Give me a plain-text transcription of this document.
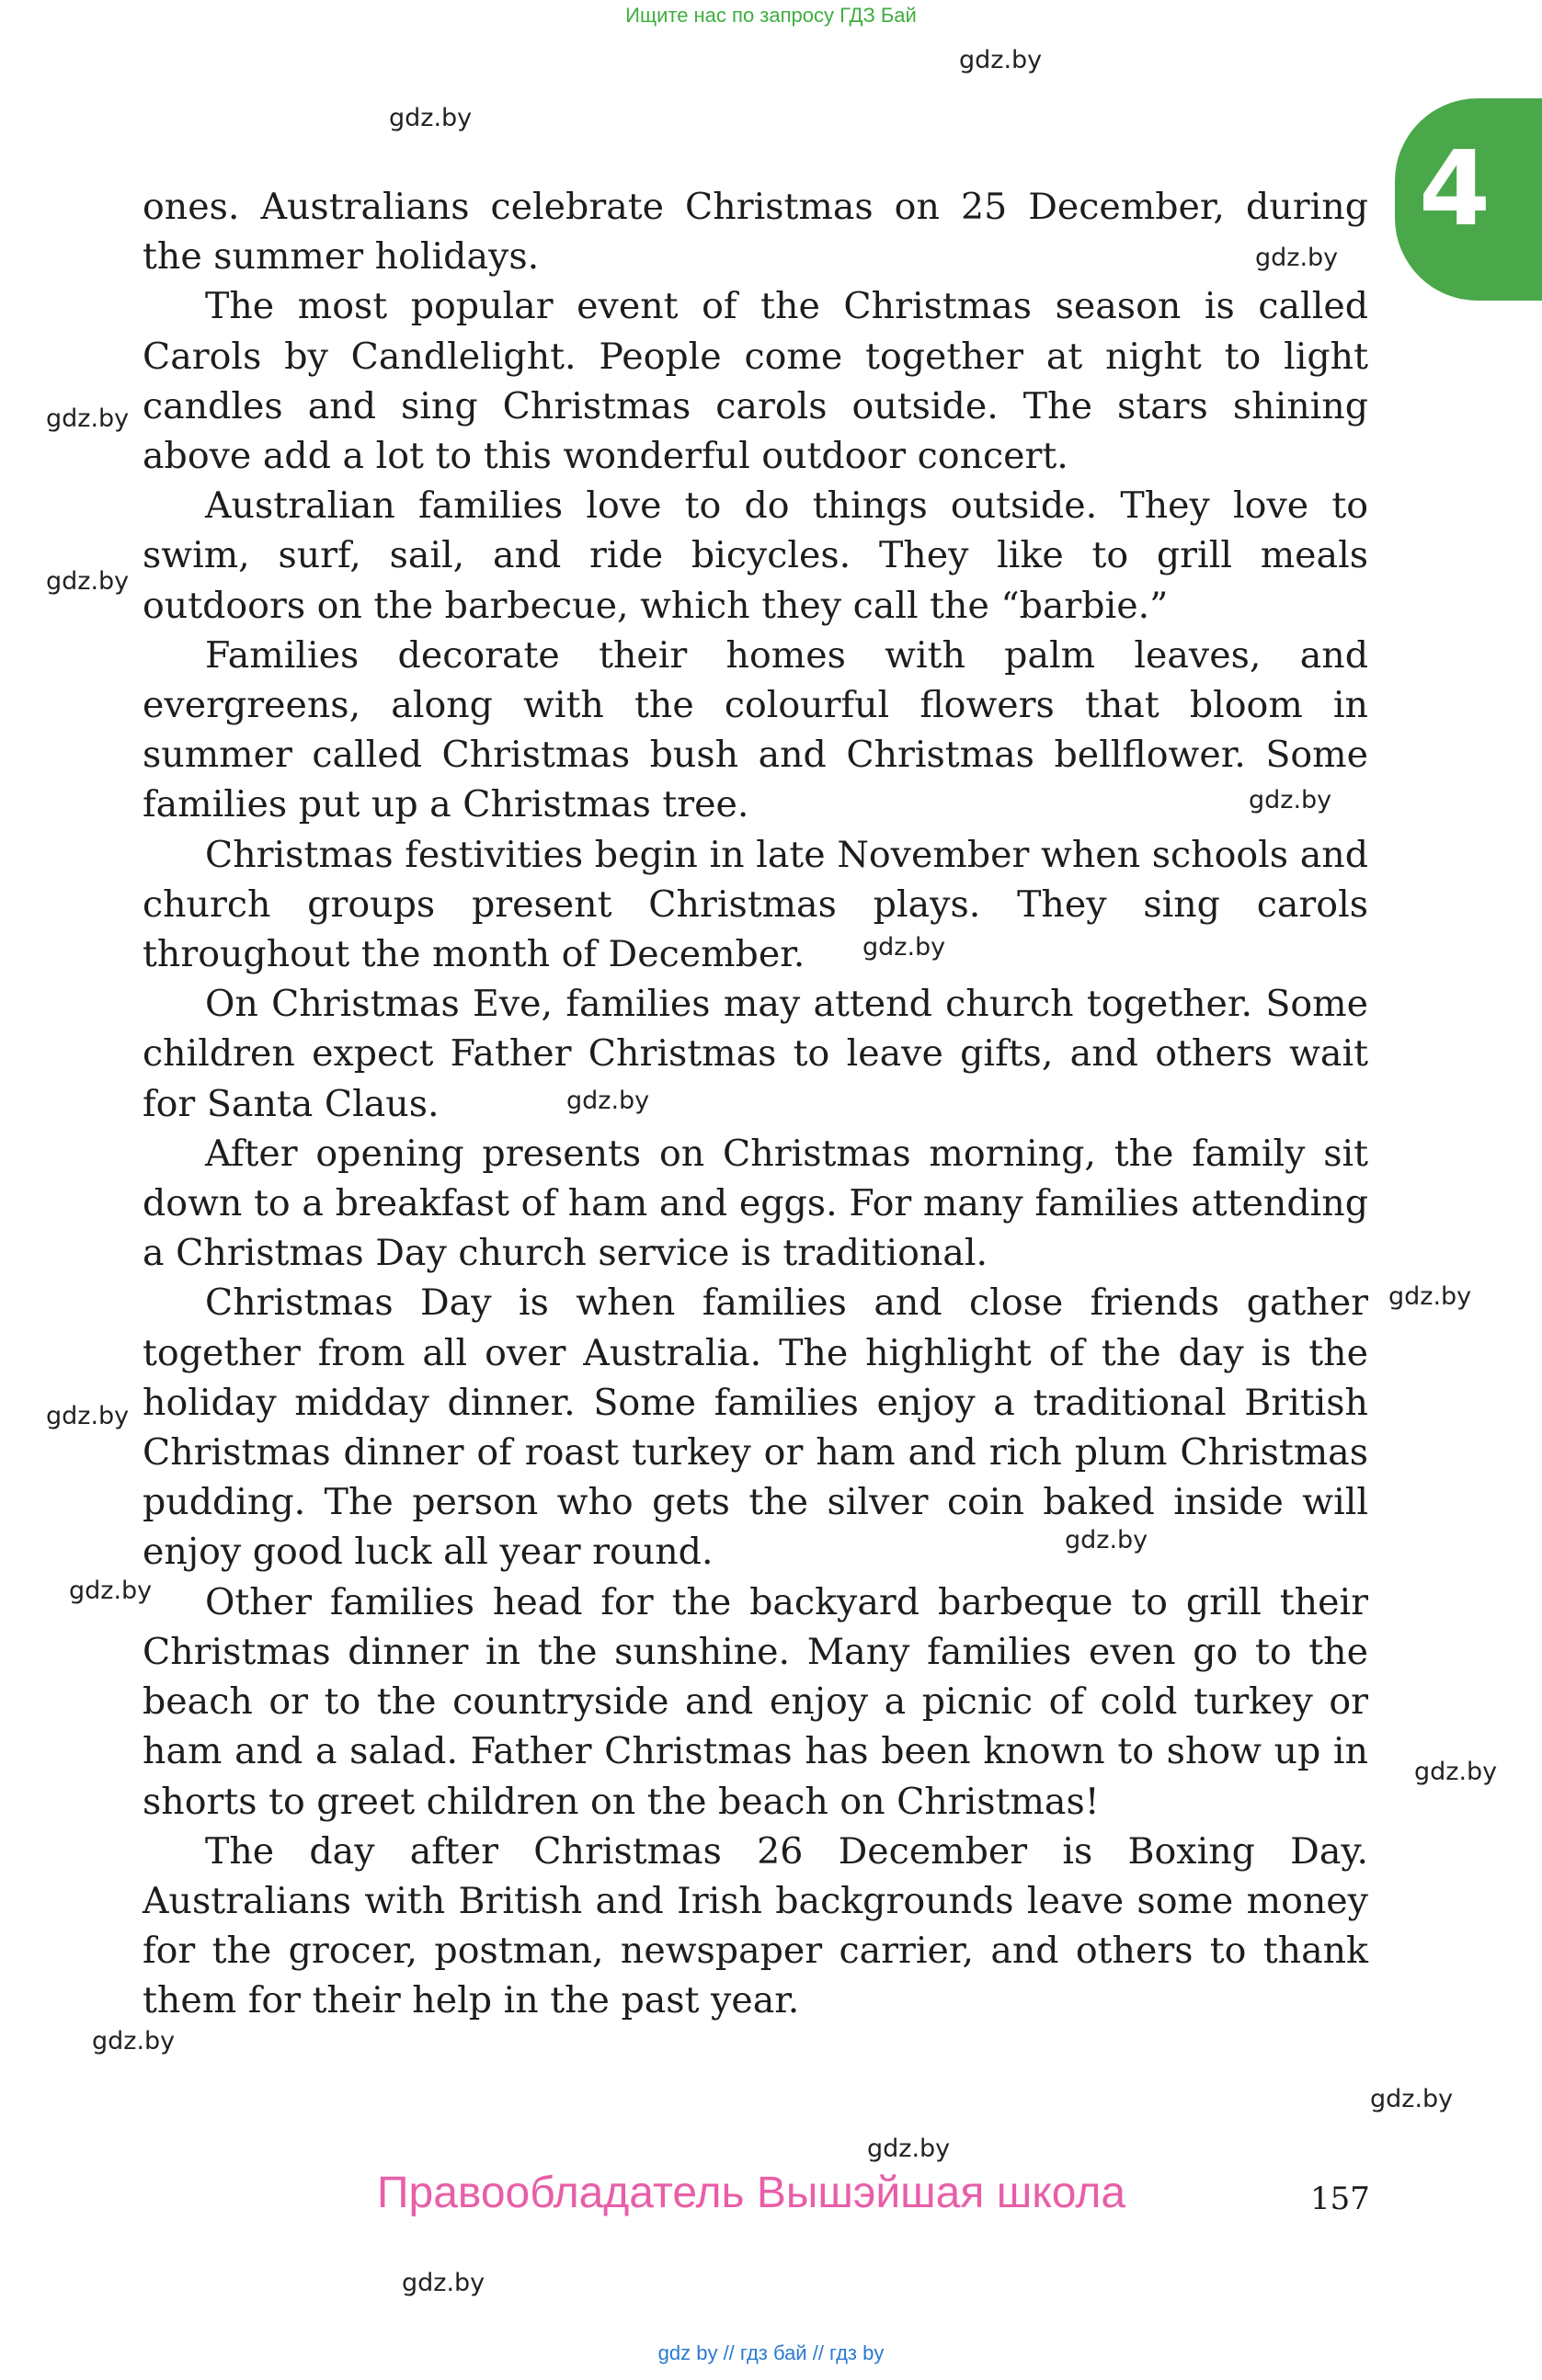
Ищите нас по запросу ГДЗ Бай
4
gdz.by
gdz.by
gdz.by
gdz.by
gdz.by
gdz.by
gdz.by
gdz.by
gdz.by
gdz.by
gdz.by
gdz.by
gdz.by
gdz.by
gdz.by
gdz.by
gdz.by

ones. Australians celebrate Christmas on 25 December, during the summer holidays.

The most popular event of the Christmas season is called Carols by Candlelight. People come together at night to light candles and sing Christmas carols outside. The stars shining above add a lot to this wonderful outdoor concert.

Australian families love to do things outside. They love to swim, surf, sail, and ride bicycles. They like to grill meals outdoors on the barbecue, which they call the “barbie.”

Families decorate their homes with palm leaves, and evergreens, along with the colourful flowers that bloom in summer called Christmas bush and Christmas bellflower. Some families put up a Christmas tree.

Christmas festivities begin in late November when schools and church groups present Christmas plays. They sing carols throughout the month of December.

On Christmas Eve, families may attend church together. Some children expect Father Christmas to leave gifts, and others wait for Santa Claus.

After opening presents on Christmas morning, the family sit down to a breakfast of ham and eggs. For many families attending a Christmas Day church service is traditional.

Christmas Day is when families and close friends gather together from all over Australia. The highlight of the day is the holiday midday dinner. Some families enjoy a traditional British Christmas dinner of roast turkey or ham and rich plum Christmas pudding. The person who gets the silver coin baked inside will enjoy good luck all year round.

Other families head for the backyard barbeque to grill their Christmas dinner in the sunshine. Many families even go to the beach or to the countryside and enjoy a picnic of cold turkey or ham and a salad. Father Christmas has been known to show up in shorts to greet children on the beach on Christmas!

The day after Christmas 26 December is Boxing Day. Australians with British and Irish backgrounds leave some money for the grocer, postman, newspaper carrier, and others to thank them for their help in the past year.

Правообладатель Вышэйшая школа	157
gdz by // гдз бай // гдз by
